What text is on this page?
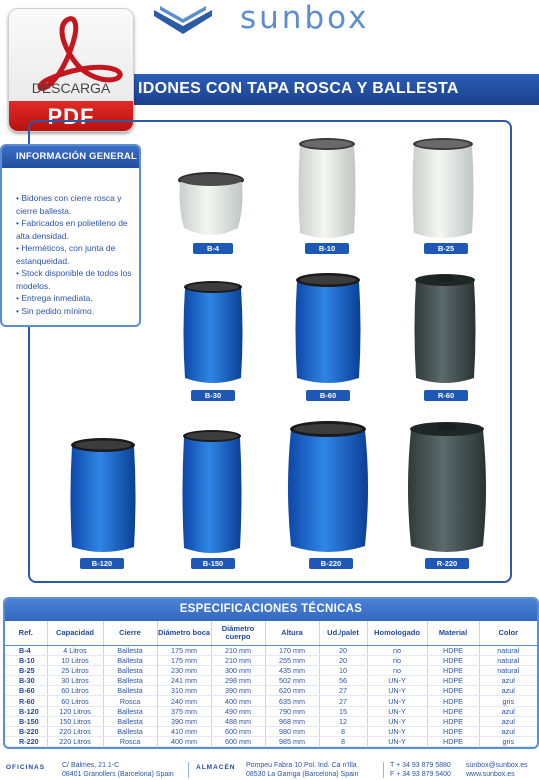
sunbox
IDONES CON TAPA ROSCA Y BALLESTA
DESCARGA
PDF
INFORMACIÓN GENERAL
• Bidones con cierre rosca y cierre ballesta.
• Fabricados en polietileno de alta densidad.
• Herméticos, con junta de estanqueidad.
• Stock disponible de todos los modelos.
• Entrega inmediata.
• Sin pedido mínimo.
B-4	B-10	B-25
B-30	B-60	R-60
B-120	B-150	B-220	R-220
ESPECIFICACIONES TÉCNICAS
Ref.	Capacidad	Cierre	Diámetro boca	Diámetro cuerpo	Altura	Ud./palet	Homologado	Material	Color
B-4	4 Litros	Ballesta	175 mm	210 mm	170 mm	20	no	HDPE	natural
B-10	10 Litros	Ballesta	175 mm	210 mm	255 mm	20	no	HDPE	natural
B-25	25 Litros	Ballesta	230 mm	300 mm	435 mm	10	no	HDPE	natural
B-30	30 Litros	Ballesta	241 mm	298 mm	502 mm	56	UN-Y	HDPE	azul
B-60	60 Litros	Ballesta	310 mm	390 mm	620 mm	27	UN-Y	HDPE	azul
R-60	60 Litros	Rosca	240 mm	400 mm	635 mm	27	UN-Y	HDPE	gris
B-120	120 Litros	Ballesta	375 mm	490 mm	790 mm	15	UN-Y	HDPE	azul
B-150	150 Litros	Ballesta	390 mm	488 mm	968 mm	12	UN-Y	HDPE	azul
B-220	220 Litros	Ballesta	410 mm	600 mm	980 mm	8	UN-Y	HDPE	azul
R-220	220 Litros	Rosca	400 mm	600 mm	985 mm	8	UN-Y	HDPE	gris
OFICINAS C/ Balmes, 21 1-C
08401 Granollers (Barcelona) Spain
ALMACÉN Pompeu Fabra 10 Pol. Ind. Ca n'Illa
08530 La Garriga (Barcelona) Spain
T + 34 93 879 5880
F + 34 93 879 5400
sunbox@sunbox.es
www.sunbox.es
